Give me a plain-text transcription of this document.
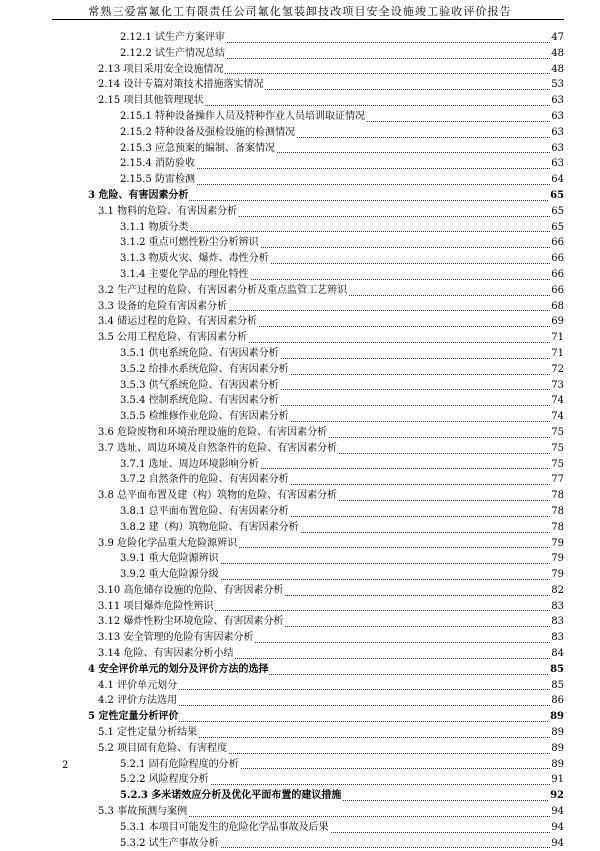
常熟三爱富氟化工有限责任公司氟化氢装卸技改项目安全设施竣工验收评价报告
2.12.1 试生产方案评审	47
2.12.2 试生产情况总结	48
2.13 项目采用安全设施情况	48
2.14 设计专篇对策技术措施落实情况	53
2.15 项目其他管理现状	63
2.15.1 特种设备操作人员及特种作业人员培训取证情况	63
2.15.2 特种设备及强检设施的检测情况	63
2.15.3 应急预案的编制、备案情况	63
2.15.4 消防验收	63
2.15.5 防雷检测	64
3 危险、有害因素分析	65
3.1 物料的危险、有害因素分析	65
3.1.1 物质分类	65
3.1.2 重点可燃性粉尘分析辨识	66
3.1.3 物质火灾、爆炸、毒性分析	66
3.1.4 主要化学品的理化特性	66
3.2 生产过程的危险、有害因素分析及重点监管工艺辨识	66
3.3 设备的危险有害因素分析	68
3.4 储运过程的危险、有害因素分析	69
3.5 公用工程危险、有害因素分析	71
3.5.1 供电系统危险、有害因素分析	71
3.5.2 给排水系统危险、有害因素分析	72
3.5.3 供气系统危险、有害因素分析	73
3.5.4 控制系统危险、有害因素分析	74
3.5.5 检维修作业危险、有害因素分析	74
3.6 危险废物和环境治理设施的危险、有害因素分析	75
3.7 选址、周边环境及自然条件的危险、有害因素分析	75
3.7.1 选址、周边环境影响分析	75
3.7.2 自然条件的危险、有害因素分析	77
3.8 总平面布置及建（构）筑物的危险、有害因素分析	78
3.8.1 总平面布置危险、有害因素分析	78
3.8.2 建（构）筑物危险、有害因素分析	78
3.9 危险化学品重大危险源辨识	79
3.9.1 重大危险源辨识	79
3.9.2 重大危险源分级	79
3.10 高危储存设施的危险、有害因素分析	82
3.11 项目爆炸危险性辨识	83
3.12 爆炸性粉尘环境危险、有害因素分析	83
3.13 安全管理的危险有害因素分析	83
3.14 危险、有害因素分析小结	84
4 安全评价单元的划分及评价方法的选择	85
4.1 评价单元划分	85
4.2 评价方法选用	86
5 定性定量分析评价	89
5.1 定性定量分析结果	89
5.2 项目固有危险、有害程度	89
5.2.1 固有危险程度的分析	89
5.2.2 风险程度分析	91
5.2.3 多米诺效应分析及优化平面布置的建议措施	92
5.3 事故预测与案例	94
5.3.1 本项目可能发生的危险化学品事故及后果	94
5.3.2 试生产事故分析	94
2
